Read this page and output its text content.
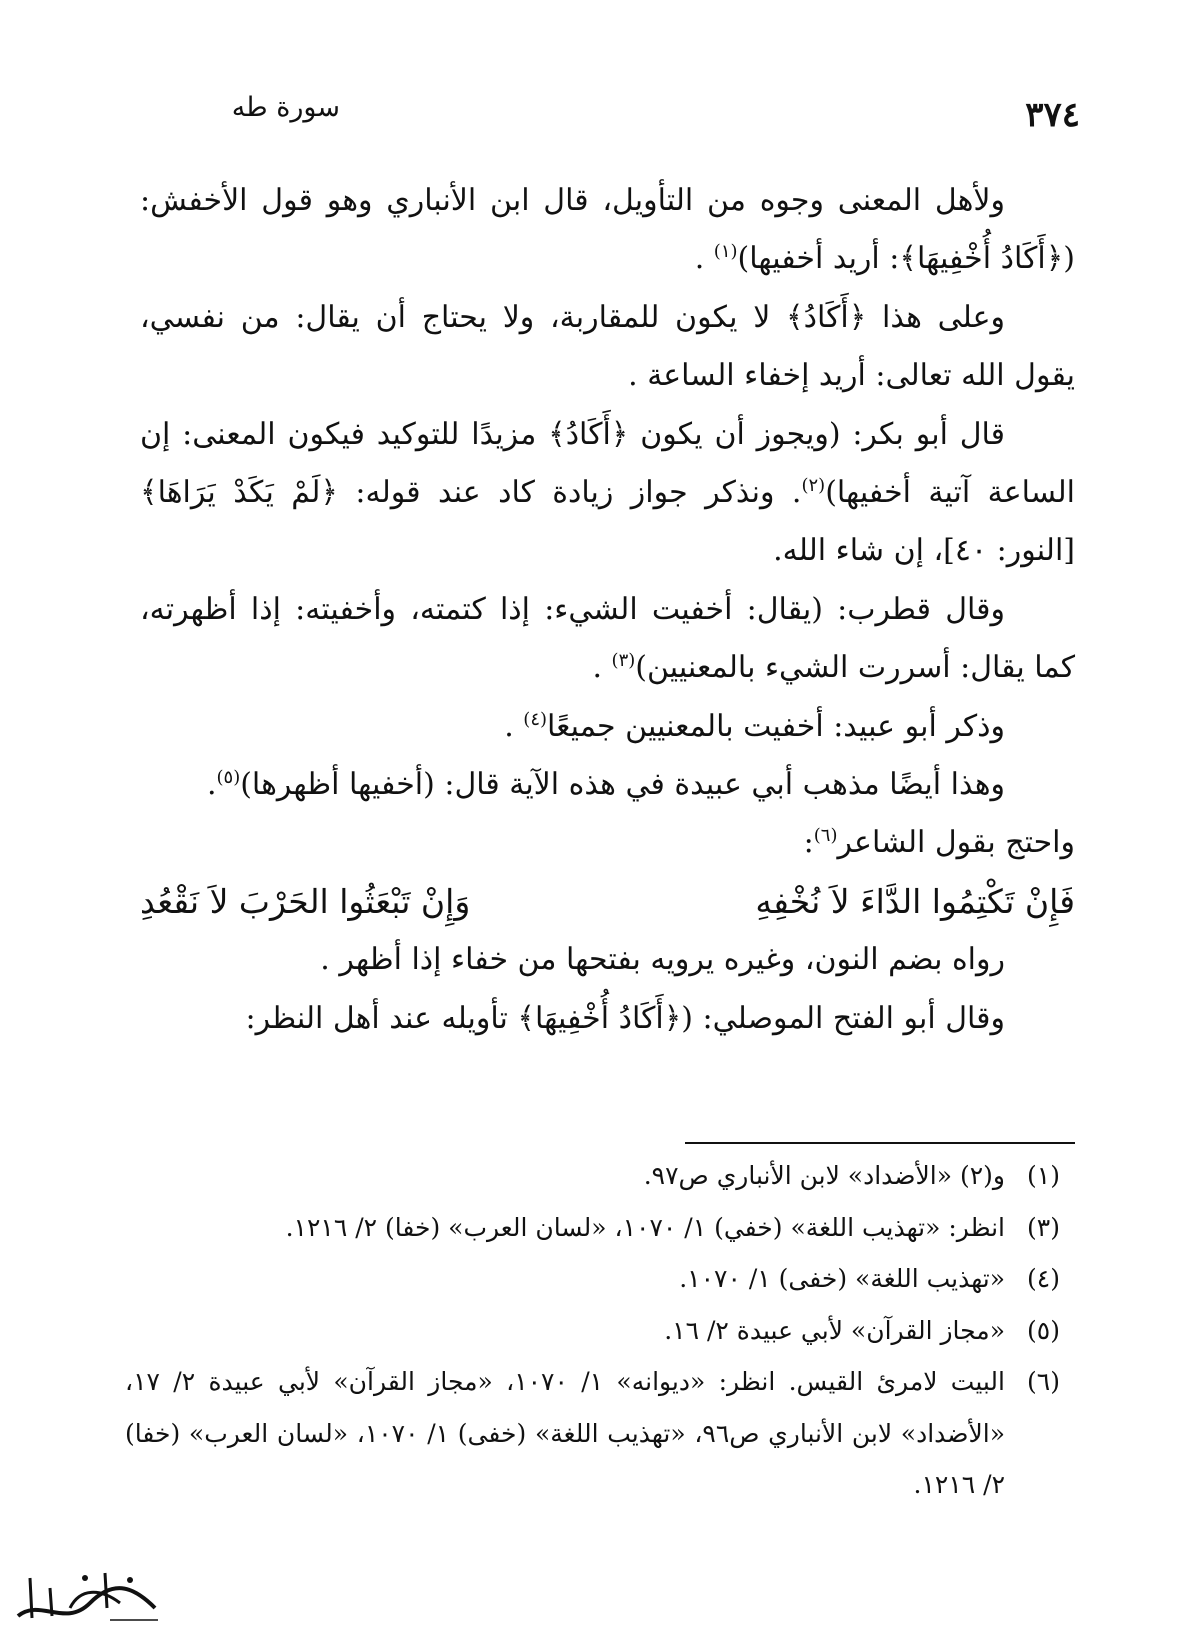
٣٧٤
سورة طه

ولأهل المعنى وجوه من التأويل، قال ابن الأنباري وهو قول الأخفش: (﴿أَكَادُ أُخْفِيهَا﴾: أريد أخفيها)$^{(١)}$ .

وعلى هذا ﴿أَكَادُ﴾ لا يكون للمقاربة، ولا يحتاج أن يقال: من نفسي، يقول الله تعالى: أريد إخفاء الساعة .

قال أبو بكر: (ويجوز أن يكون ﴿أَكَادُ﴾ مزيدًا للتوكيد فيكون المعنى: إن الساعة آتية أخفيها)$^{(٢)}$. ونذكر جواز زيادة كاد عند قوله: ﴿لَمْ يَكَدْ يَرَاهَا﴾ [النور: ٤٠]، إن شاء الله.

وقال قطرب: (يقال: أخفيت الشيء: إذا كتمته، وأخفيته: إذا أظهرته، كما يقال: أسررت الشيء بالمعنيين)$^{(٣)}$ .

وذكر أبو عبيد: أخفيت بالمعنيين جميعًا$^{(٤)}$ .

وهذا أيضًا مذهب أبي عبيدة في هذه الآية قال: (أخفيها أظهرها)$^{(٥)}$.

واحتج بقول الشاعر$^{(٦)}$:

فَإِنْ تَكْتِمُوا الدَّاءَ لاَ نُخْفِهِ
وَإِنْ تَبْعَثُوا الحَرْبَ لاَ نَقْعُدِ

رواه بضم النون، وغيره يرويه بفتحها من خفاء إذا أظهر .

وقال أبو الفتح الموصلي: (﴿أَكَادُ أُخْفِيهَا﴾ تأويله عند أهل النظر:

(١)
و(٢) «الأضداد» لابن الأنباري ص٩٧.
(٣)
انظر: «تهذيب اللغة» (خفي) ١/ ١٠٧٠، «لسان العرب» (خفا) ٢/ ١٢١٦.
(٤)
«تهذيب اللغة» (خفى) ١/ ١٠٧٠.
(٥)
«مجاز القرآن» لأبي عبيدة ٢/ ١٦.
(٦)
البيت لامرئ القيس. انظر: «ديوانه» ١/ ١٠٧٠، «مجاز القرآن» لأبي عبيدة ٢/ ١٧، «الأضداد» لابن الأنباري ص٩٦، «تهذيب اللغة» (خفى) ١/ ١٠٧٠، «لسان العرب» (خفا) ٢/ ١٢١٦.
